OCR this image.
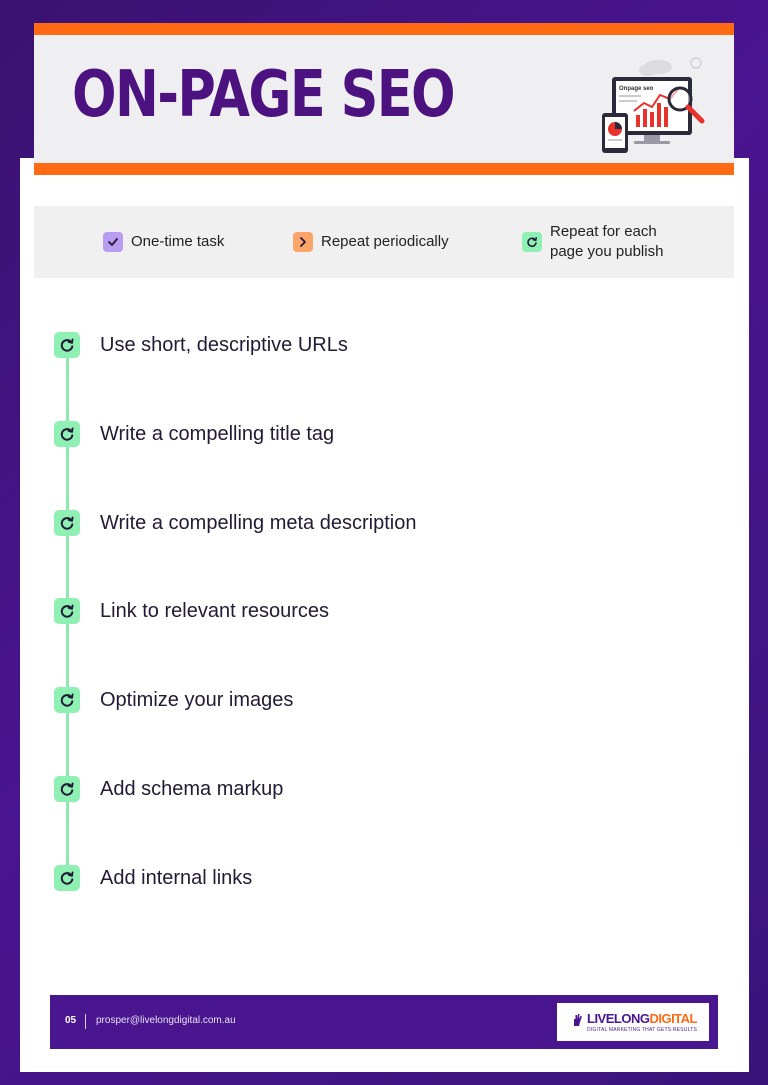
ON-PAGE SEO	Onpage seo
One-time task	Repeat periodically
Repeat for each
page you publish
Use short, descriptive URLs
Write a compelling title tag
Write a compelling meta description
Link to relevant resources
Optimize your images
Add schema markup
Add internal links
05 prosper@livelongdigital.com.au	LIVELONGDIGITAL
DIGITAL MARKETING THAT GETS RESULTS
